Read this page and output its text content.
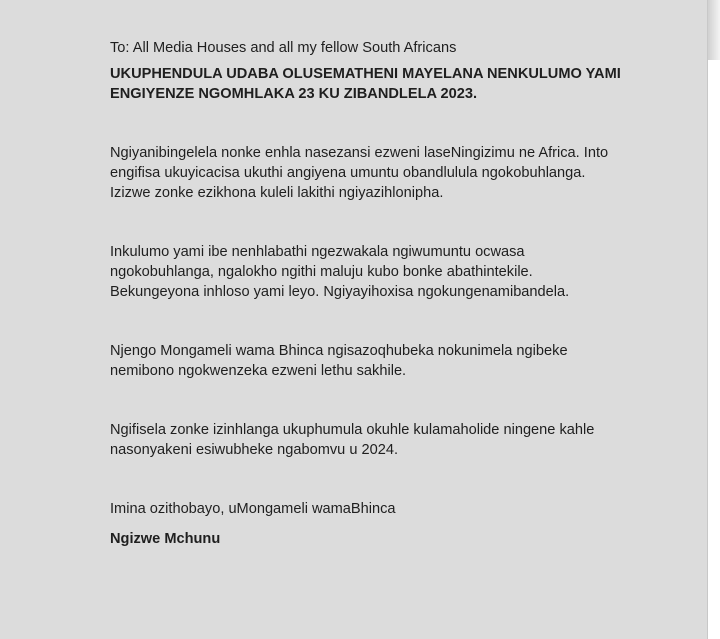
To: All Media Houses and all my fellow South Africans
UKUPHENDULA UDABA OLUSEMATHENI MAYELANA NENKULUMO YAMI
ENGIYENZE NGOMHLAKA 23 KU ZIBANDLELA 2023.
Ngiyanibingelela nonke enhla nasezansi ezweni laseNingizimu ne Africa. Into
engifisa ukuyicacisa ukuthi angiyena umuntu obandlulula ngokobuhlanga.
Izizwe zonke ezikhona kuleli lakithi ngiyazihlonipha.
Inkulumo yami ibe nenhlabathi ngezwakala ngiwumuntu ocwasa
ngokobuhlanga, ngalokho ngithi maluju kubo bonke abathintekile.
Bekungeyona inhloso yami leyo. Ngiyayihoxisa ngokungenamibandela.
Njengo Mongameli wama Bhinca ngisazoqhubeka nokunimela ngibeke
nemibono ngokwenzeka ezweni lethu sakhile.
Ngifisela zonke izinhlanga ukuphumula okuhle kulamaholide ningene kahle
nasonyakeni esiwubheke ngabomvu u 2024.
Imina ozithobayo, uMongameli wamaBhinca
Ngizwe Mchunu
